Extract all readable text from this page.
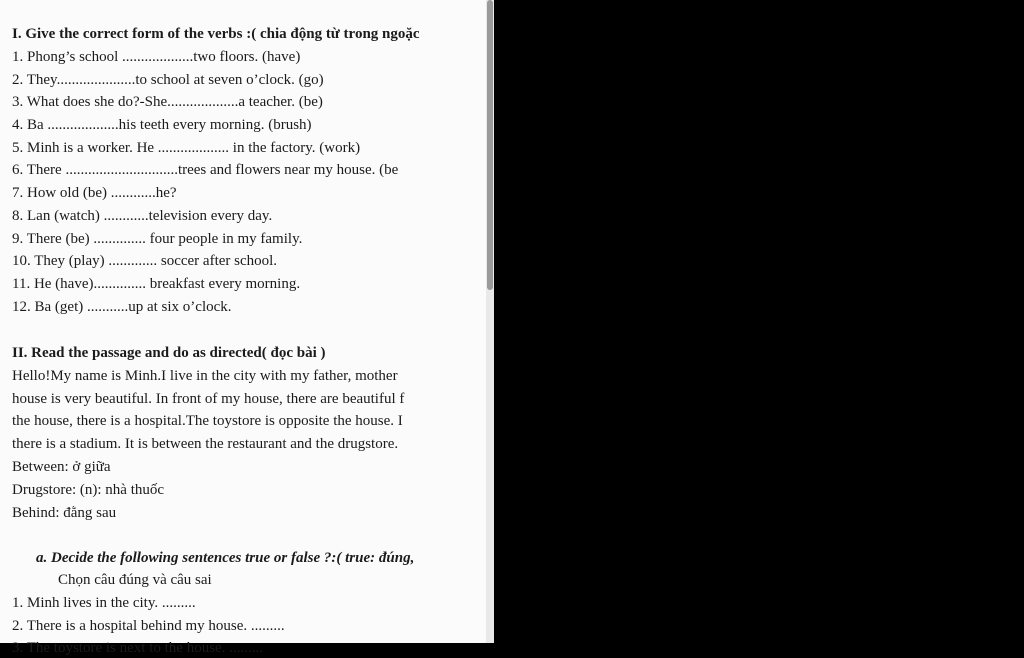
I. Give the correct form of the verbs :( chia động từ trong ngoặc
1. Phong’s school ...................two floors. (have)
2. They.....................to school at seven o’clock. (go)
3. What does she do?-She...................a teacher. (be)
4. Ba ...................his teeth every morning. (brush)
5. Minh is a worker. He ................... in the factory. (work)
6. There ..............................trees and flowers near my house. (be
7. How old (be) ............he?
8. Lan (watch) ............television every day.
9. There (be) .............. four people in my family.
10. They (play) ............. soccer after school.
11. He (have).............. breakfast every morning.
12. Ba (get) ...........up at six o’clock.
II. Read the passage and do as directed( đọc bài )
Hello!My name is Minh.I live in the city with my father, mother
house is very beautiful. In front of my house, there are beautiful f
the house, there is a hospital.The toystore is opposite the house. I
there is a stadium. It is between the restaurant and the drugstore.
Between: ở giữa
Drugstore: (n): nhà thuốc
Behind: đằng sau
a. Decide the following sentences true or false ?:( true: đúng,
Chọn câu đúng và câu sai
1. Minh lives in the city. .........
2. There is a hospital behind my house. .........
3. The toystore is next to the house. .........
